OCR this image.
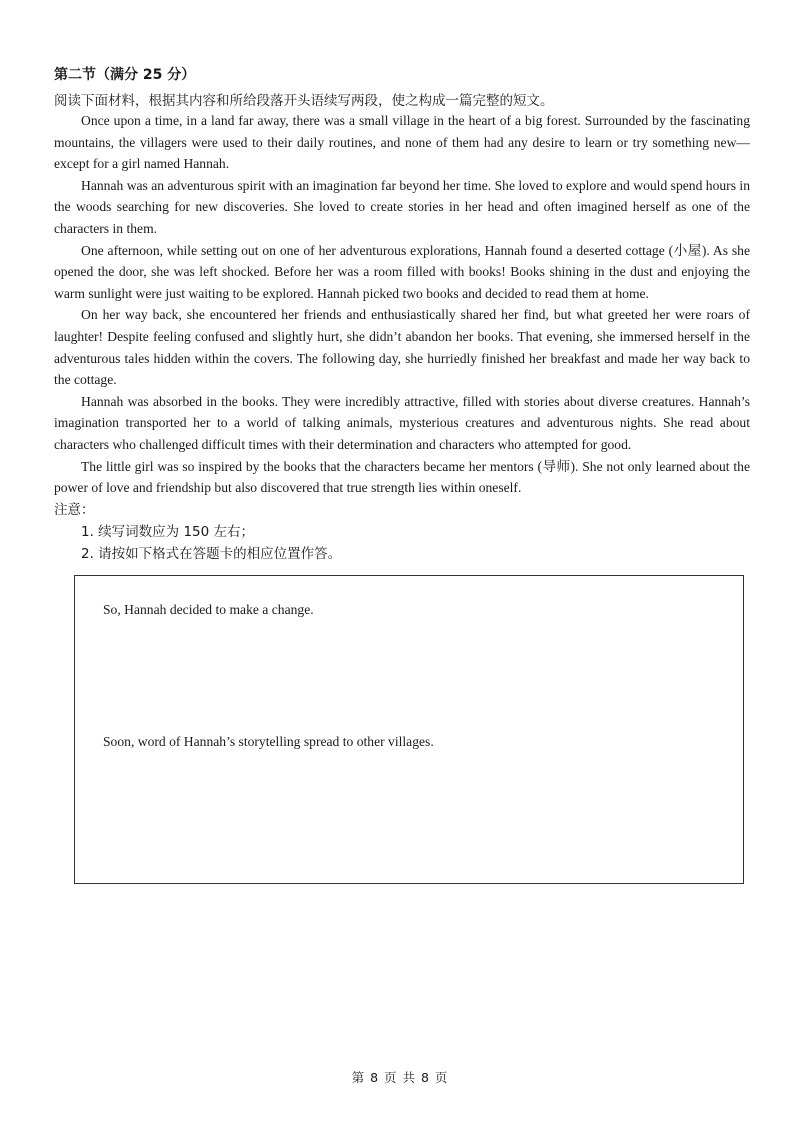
第二节（满分 25 分）
阅读下面材料，根据其内容和所给段落开头语续写两段，使之构成一篇完整的短文。

Once upon a time, in a land far away, there was a small village in the heart of a big forest. Surrounded by the fascinating mountains, the villagers were used to their daily routines, and none of them had any desire to learn or try something new—except for a girl named Hannah.

Hannah was an adventurous spirit with an imagination far beyond her time. She loved to explore and would spend hours in the woods searching for new discoveries. She loved to create stories in her head and often imagined herself as one of the characters in them.

One afternoon, while setting out on one of her adventurous explorations, Hannah found a deserted cottage (小屋). As she opened the door, she was left shocked. Before her was a room filled with books! Books shining in the dust and enjoying the warm sunlight were just waiting to be explored. Hannah picked two books and decided to read them at home.

On her way back, she encountered her friends and enthusiastically shared her find, but what greeted her were roars of laughter! Despite feeling confused and slightly hurt, she didn’t abandon her books. That evening, she immersed herself in the adventurous tales hidden within the covers. The following day, she hurriedly finished her breakfast and made her way back to the cottage.

Hannah was absorbed in the books. They were incredibly attractive, filled with stories about diverse creatures. Hannah’s imagination transported her to a world of talking animals, mysterious creatures and adventurous nights. She read about characters who challenged difficult times with their determination and characters who attempted for good.

The little girl was so inspired by the books that the characters became her mentors (导师). She not only learned about the power of love and friendship but also discovered that true strength lies within oneself.

注意：
1. 续写词数应为 150 左右；
2. 请按如下格式在答题卡的相应位置作答。
So, Hannah decided to make a change.
Soon, word of Hannah’s storytelling spread to other villages.
第 8 页 共 8 页
